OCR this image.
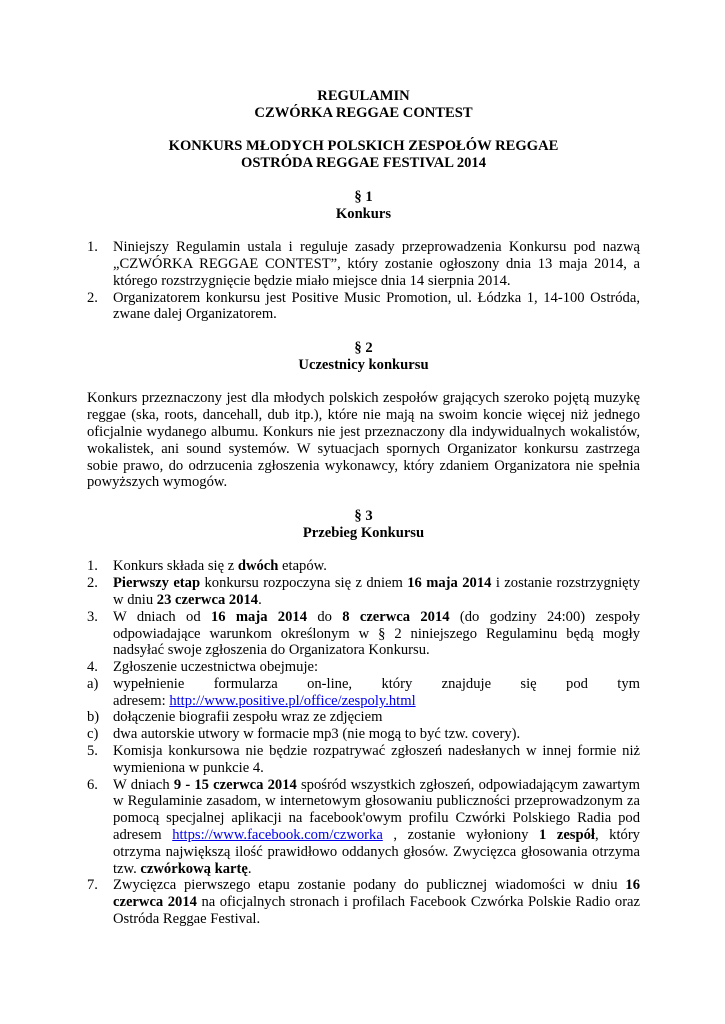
REGULAMIN

CZWÓRKA REGGAE CONTEST

KONKURS MŁODYCH POLSKICH ZESPOŁÓW REGGAE

OSTRÓDA REGGAE FESTIVAL 2014

§ 1

Konkurs

1. Niniejszy Regulamin ustala i reguluje zasady przeprowadzenia Konkursu pod nazwą „CZWÓRKA REGGAE CONTEST”, który zostanie ogłoszony dnia 13 maja 2014, a którego rozstrzygnięcie będzie miało miejsce dnia 14 sierpnia 2014.
2. Organizatorem konkursu jest Positive Music Promotion, ul. Łódzka 1, 14-100 Ostróda, zwane dalej Organizatorem.

§ 2

Uczestnicy konkursu

Konkurs przeznaczony jest dla młodych polskich zespołów grających szeroko pojętą muzykę reggae (ska, roots, dancehall, dub itp.), które nie mają na swoim koncie więcej niż jednego oficjalnie wydanego albumu. Konkurs nie jest przeznaczony dla indywidualnych wokalistów, wokalistek, ani sound systemów. W sytuacjach spornych Organizator konkursu zastrzega sobie prawo, do odrzucenia zgłoszenia wykonawcy, który zdaniem Organizatora nie spełnia powyższych wymogów.

§ 3

Przebieg Konkursu

1. Konkurs składa się z dwóch etapów.
2. Pierwszy etap konkursu rozpoczyna się z dniem 16 maja 2014 i zostanie rozstrzygnięty w dniu 23 czerwca 2014.
3. W dniach od 16 maja 2014 do 8 czerwca 2014 (do godziny 24:00) zespoły odpowiadające warunkom określonym w § 2 niniejszego Regulaminu będą mogły nadsyłać swoje zgłoszenia do Organizatora Konkursu.
4. Zgłoszenie uczestnictwa obejmuje:
a) wypełnienie formularza on-line, który znajduje się pod tym
adresem: http://www.positive.pl/office/zespoly.html
b) dołączenie biografii zespołu wraz ze zdjęciem
c) dwa autorskie utwory w formacie mp3 (nie mogą to być tzw. covery).
5. Komisja konkursowa nie będzie rozpatrywać zgłoszeń nadesłanych w innej formie niż wymieniona w punkcie 4.
6. W dniach 9 - 15 czerwca 2014 spośród wszystkich zgłoszeń, odpowiadającym zawartym w Regulaminie zasadom, w internetowym głosowaniu publiczności przeprowadzonym za pomocą specjalnej aplikacji na facebook'owym profilu Czwórki Polskiego Radia pod adresem https://www.facebook.com/czworka , zostanie wyłoniony 1 zespół, który otrzyma największą ilość prawidłowo oddanych głosów. Zwycięzca głosowania otrzyma tzw. czwórkową kartę.
7. Zwycięzca pierwszego etapu zostanie podany do publicznej wiadomości w dniu 16 czerwca 2014 na oficjalnych stronach i profilach Facebook Czwórka Polskie Radio oraz Ostróda Reggae Festival.
